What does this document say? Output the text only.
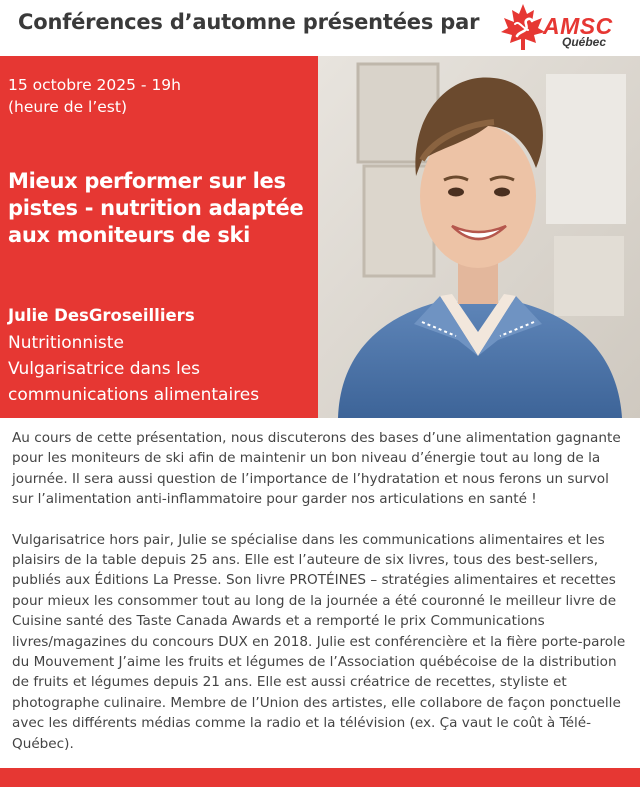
Conférences d’automne présentées par	AMSC
Québec
15 octobre 2025 - 19h
(heure de l’est)
Mieux performer sur les pistes - nutrition adaptée aux moniteurs de ski
Julie DesGroseilliers
Nutritionniste
Vulgarisatrice dans les communications alimentaires

Au cours de cette présentation, nous discuterons des bases d’une alimentation gagnante pour les moniteurs de ski afin de maintenir un bon niveau d’énergie tout au long de la journée. Il sera aussi question de l’importance de l’hydratation et nous ferons un survol sur l’alimentation anti-inflammatoire pour garder nos articulations en santé !

Vulgarisatrice hors pair, Julie se spécialise dans les communications alimentaires et les plaisirs de la table depuis 25 ans. Elle est l’auteure de six livres, tous des best-sellers, publiés aux Éditions La Presse. Son livre PROTÉINES – stratégies alimentaires et recettes pour mieux les consommer tout au long de la journée a été couronné le meilleur livre de Cuisine santé des Taste Canada Awards et a remporté le prix Communications livres/magazines du concours DUX en 2018. Julie est conférencière et la fière porte-parole du Mouvement J’aime les fruits et légumes de l’Association québécoise de la distribution de fruits et légumes depuis 21 ans. Elle est aussi créatrice de recettes, styliste et photographe culinaire. Membre de l’Union des artistes, elle collabore de façon ponctuelle avec les différents médias comme la radio et la télévision (ex. Ça vaut le coût à Télé-Québec).
